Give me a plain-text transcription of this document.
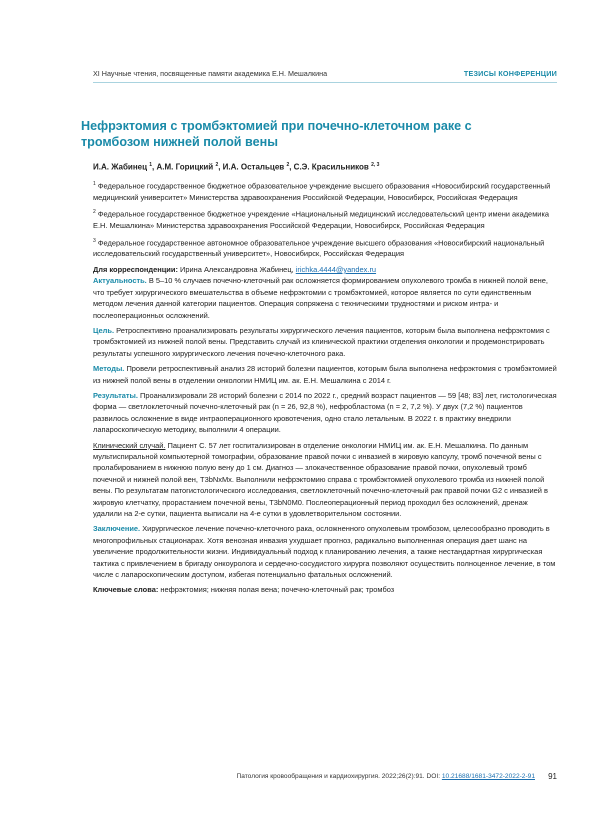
XI Научные чтения, посвященные памяти академика Е.Н. Мешалкина	ТЕЗИСЫ КОНФЕРЕНЦИИ
Нефрэктомия с тромбэктомией при почечно-клеточном раке с тромбозом нижней полой вены
И.А. Жабинец $^1$, А.М. Горицкий $^2$, И.А. Остальцев $^2$, С.Э. Красильников $^{2, 3}$

$^1$ Федеральное государственное бюджетное образовательное учреждение высшего образования «Новосибирский государственный медицинский университет» Министерства здравоохранения Российской Федерации, Новосибирск, Российская Федерация

$^2$ Федеральное государственное бюджетное учреждение «Национальный медицинский исследовательский центр имени академика Е.Н. Мешалкина» Министерства здравоохранения Российской Федерации, Новосибирск, Российская Федерация

$^3$ Федеральное государственное автономное образовательное учреждение высшего образования «Новосибирский национальный исследовательский государственный университет», Новосибирск, Российская Федерация

Для корреспонденции: Ирина Александровна Жабинец, irichka.4444@yandex.ru

Актуальность. В 5–10 % случаев почечно-клеточный рак осложняется формированием опухолевого тромба в нижней полой вене, что требует хирургического вмешательства в объеме нефрэктомии с тромбэктомией, которое является по сути единственным методом лечения данной категории пациентов. Операция сопряжена с техническими трудностями и риском интра- и послеоперационных осложнений.

Цель. Ретроспективно проанализировать результаты хирургического лечения пациентов, которым была выполнена нефрэктомия с тромбэктомией из нижней полой вены. Представить случай из клинической практики отделения онкологии и продемонстрировать результаты успешного хирургического лечения почечно-клеточного рака.

Методы. Провели ретроспективный анализ 28 историй болезни пациентов, которым была выполнена нефрэктомия с тромбэктомией из нижней полой вены в отделении онкологии НМИЦ им. ак. Е.Н. Мешалкина с 2014 г.

Результаты. Проанализировали 28 историй болезни с 2014 по 2022 г., средний возраст пациентов — 59 [48; 83] лет, гистологическая форма — светлоклеточный почечно-клеточный рак (n = 26, 92,8 %), нефробластома (n = 2, 7,2 %). У двух (7,2 %) пациентов развилось осложнение в виде интраоперационного кровотечения, одно стало летальным. В 2022 г. в практику внедрили лапароскопическую методику, выполнили 4 операции.

Клинический случай. Пациент С. 57 лет госпитализирован в отделение онкологии НМИЦ им. ак. Е.Н. Мешалкина. По данным мультиспиральной компьютерной томографии, образование правой почки с инвазией в жировую капсулу, тромб почечной вены с пролабированием в нижнюю полую вену до 1 см. Диагноз — злокачественное образование правой почки, опухолевый тромб почечной и нижней полой вен, T3bNxMx. Выполнили нефрэктомию справа с тромбэктомией опухолевого тромба из нижней полой вены. По результатам патогистологического исследования, светлоклеточный почечно-клеточный рак правой почки G2 с инвазией в жировую клетчатку, прорастанием почечной вены, T3bN0M0. Послеоперационный период проходил без осложнений, дренаж удалили на 2-е сутки, пациента выписали на 4-е сутки в удовлетворительном состоянии.

Заключение. Хирургическое лечение почечно-клеточного рака, осложненного опухолевым тромбозом, целесообразно проводить в многопрофильных стационарах. Хотя венозная инвазия ухудшает прогноз, радикально выполненная операция дает шанс на увеличение продолжительности жизни. Индивидуальный подход к планированию лечения, а также нестандартная хирургическая тактика с привлечением в бригаду онкоуролога и сердечно-сосудистого хирурга позволяют осуществить полноценное лечение, в том числе с лапароскопическим доступом, избегая потенциально фатальных осложнений.

Ключевые слова: нефрэктомия; нижняя полая вена; почечно-клеточный рак; тромбоз

Патология кровообращения и кардиохирургия. 2022;26(2):91. DOI: 10.21688/1681-3472-2022-2-91 91
